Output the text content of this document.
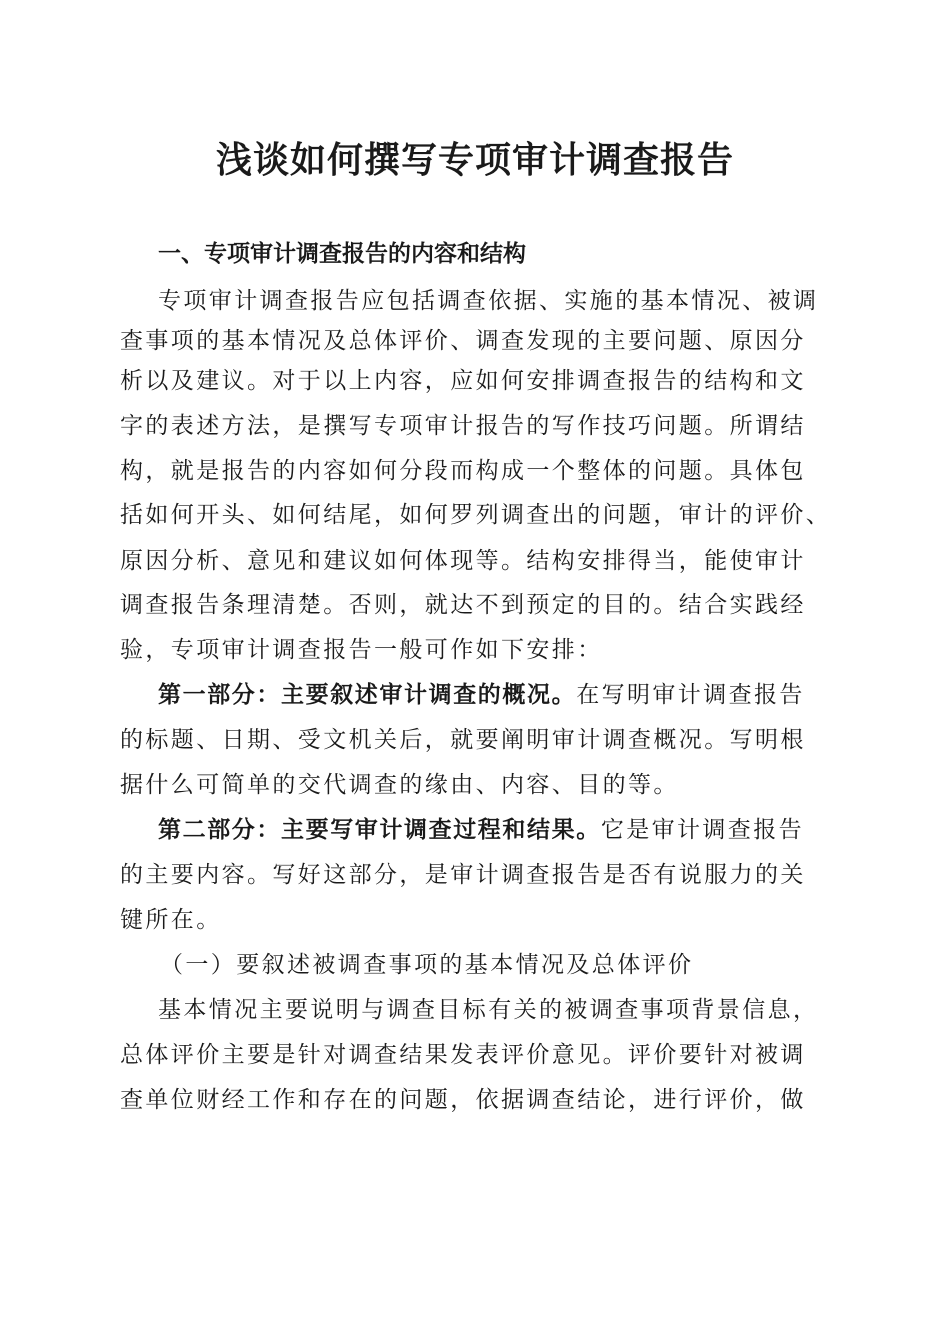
浅谈如何撰写专项审计调查报告
一、专项审计调查报告的内容和结构
专项审计调查报告应包括调查依据、实施的基本情况、被调
查事项的基本情况及总体评价、调查发现的主要问题、原因分
析以及建议。对于以上内容，应如何安排调查报告的结构和文
字的表述方法，是撰写专项审计报告的写作技巧问题。所谓结
构，就是报告的内容如何分段而构成一个整体的问题。具体包
括如何开头、如何结尾，如何罗列调查出的问题，审计的评价、
原因分析、意见和建议如何体现等。结构安排得当，能使审计
调查报告条理清楚。否则，就达不到预定的目的。结合实践经
验，专项审计调查报告一般可作如下安排：
第一部分：主要叙述审计调查的概况。在写明审计调查报告
的标题、日期、受文机关后，就要阐明审计调查概况。写明根
据什么可简单的交代调查的缘由、内容、目的等。
第二部分：主要写审计调查过程和结果。它是审计调查报告
的主要内容。写好这部分，是审计调查报告是否有说服力的关
键所在。
（一）要叙述被调查事项的基本情况及总体评价
基本情况主要说明与调查目标有关的被调查事项背景信息，
总体评价主要是针对调查结果发表评价意见。评价要针对被调
查单位财经工作和存在的问题，依据调查结论，进行评价，做
